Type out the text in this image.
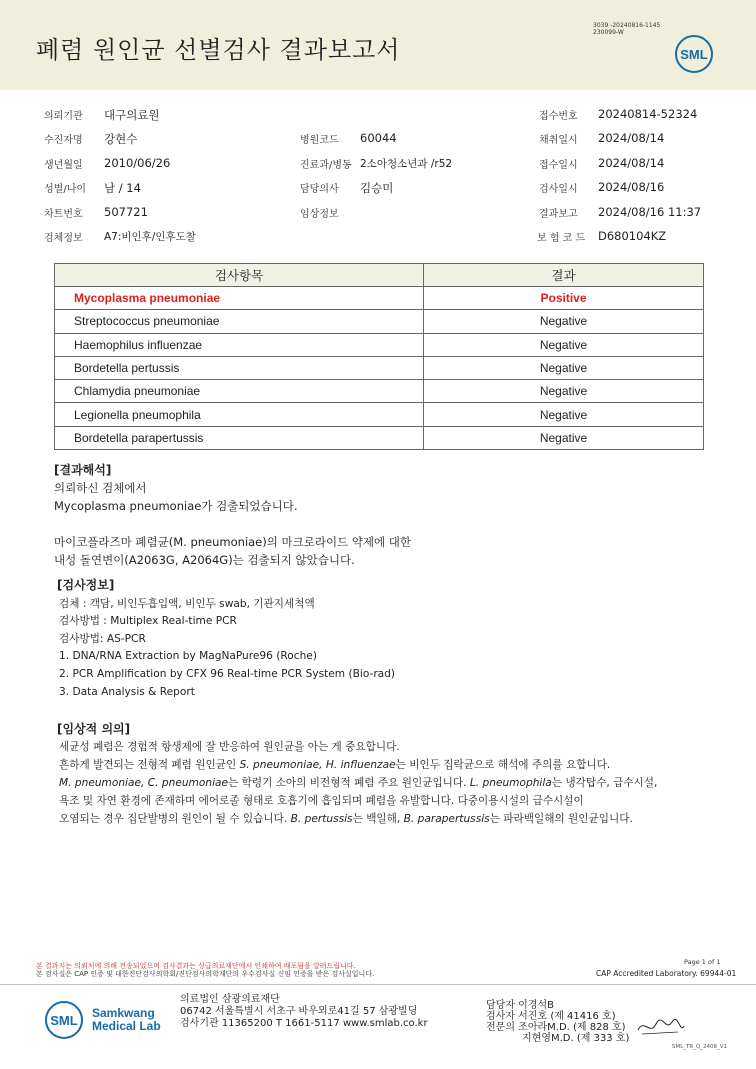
폐렴 원인균 선별검사 결과보고서
3039 -20240816-1145
230099-W
SML
의뢰기관 대구의료원	접수번호 20240814-52324
수진자명 강현수	병원코드 60044	채취일시 2024/08/14
생년월일 2010/06/26	진료과/병동 2소아청소년과 /r52	접수일시 2024/08/14
성별/나이 남 / 14	담당의사 김승미	검사일시 2024/08/16
차트번호 507721	임상정보	결과보고 2024/08/16 11:37
검체정보 A7:비인후/인후도찰	보 험 코 드 D680104KZ
검사항목	결과
Mycoplasma pneumoniae	Positive
Streptococcus pneumoniae	Negative
Haemophilus influenzae	Negative
Bordetella pertussis	Negative
Chlamydia pneumoniae	Negative
Legionella pneumophila	Negative
Bordetella parapertussis	Negative
[결과해석]
의뢰하신 검체에서
Mycoplasma pneumoniae가 검출되었습니다.
마이코플라즈마 폐렴균(M. pneumoniae)의 마크로라이드 약제에 대한
내성 돌연변이(A2063G, A2064G)는 검출되지 않았습니다.
[검사정보]
검체 : 객담, 비인두흡입액, 비인두 swab, 기관지세척액
검사방법 : Multiplex Real-time PCR
검사방법: AS-PCR
1. DNA/RNA Extraction by MagNaPure96 (Roche)
2. PCR Amplification by CFX 96 Real-time PCR System (Bio-rad)
3. Data Analysis & Report
[임상적 의의]
세균성 폐렴은 경험적 항생제에 잘 반응하여 원인균을 아는 게 중요합니다.
흔하게 발견되는 전형적 폐렴 원인균인 S. pneumoniae, H. influenzae는 비인두 집락균으로 해석에 주의를 요합니다.
M. pneumoniae, C. pneumoniae는 학령기 소아의 비전형적 폐렴 주요 원인균입니다. L. pneumophila는 냉각탑수, 급수시설,
욕조 및 자연 환경에 존재하며 에어로졸 형태로 호흡기에 흡입되며 폐렴을 유발합니다. 다중이용시설의 급수시설이
오염되는 경우 집단발병의 원인이 될 수 있습니다. B. pertussis는 백일해, B. parapertussis는 파라백일해의 원인균입니다.
본 결과지는 의뢰처에 의해 전송되었으며 검사결과는 상급의료재단에서 인쇄하여 배포됨을 알려드립니다.
본 검사실은 CAP 인증 및 대한진단검사의학회/진단검사의학재단의 우수검사실 신임 인증을 받은 검사실입니다.
Page 1 of 1
CAP Accredited Laboratory. 69944-01
SML Samkwang
Medical Lab
의료법인 삼광의료재단
06742 서울특별시 서초구 바우뫼로41길 57 삼광빌딩
검사기관 11365200 T 1661-5117 www.smlab.co.kr
담당자 이경석B
검사자 서진호 (제 41416 호)
전문의 조아라M.D. (제 828 호)
지현영M.D. (제 333 호)
SML_TR_Q_2408_V1
